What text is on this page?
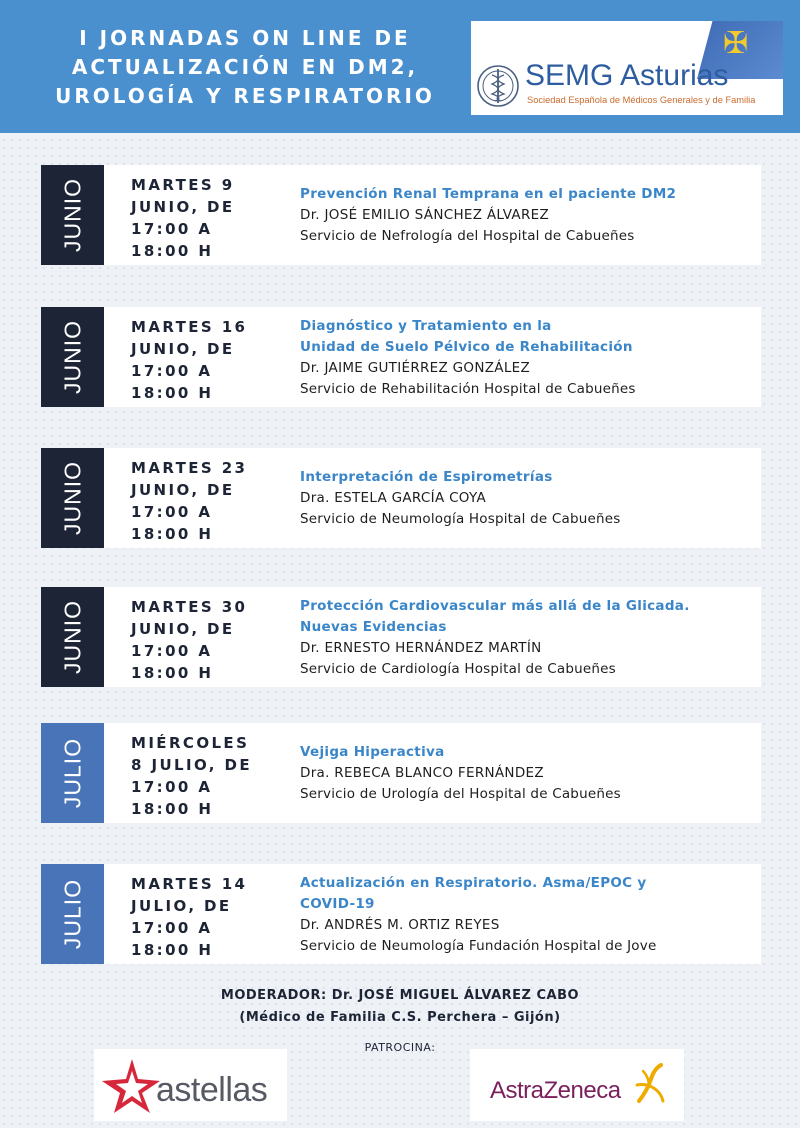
I JORNADAS ON LINE DE
ACTUALIZACIÓN EN DM2,
UROLOGÍA Y RESPIRATORIO
✠
SEMG Asturias
Sociedad Española de Médicos Generales y de Familia
JUNIO	MARTES 9
JUNIO, DE
17:00 A
18:00 H
Prevención Renal Temprana en el paciente DM2
Dr. JOSÉ EMILIO SÁNCHEZ ÁLVAREZ
Servicio de Nefrología del Hospital de Cabueñes
JUNIO	MARTES 16
JUNIO, DE
17:00 A
18:00 H
Diagnóstico y Tratamiento en la
Unidad de Suelo Pélvico de Rehabilitación
Dr. JAIME GUTIÉRREZ GONZÁLEZ
Servicio de Rehabilitación Hospital de Cabueñes
JUNIO	MARTES 23
JUNIO, DE
17:00 A
18:00 H
Interpretación de Espirometrías
Dra. ESTELA GARCÍA COYA
Servicio de Neumología Hospital de Cabueñes
JUNIO	MARTES 30
JUNIO, DE
17:00 A
18:00 H
Protección Cardiovascular más allá de la Glicada.
Nuevas Evidencias
Dr. ERNESTO HERNÁNDEZ MARTÍN
Servicio de Cardiología Hospital de Cabueñes
JULIO	MIÉRCOLES
8 JULIO, DE
17:00 A
18:00 H
Vejiga Hiperactiva
Dra. REBECA BLANCO FERNÁNDEZ
Servicio de Urología del Hospital de Cabueñes
JULIO	MARTES 14
JULIO, DE
17:00 A
18:00 H
Actualización en Respiratorio. Asma/EPOC y
COVID-19
Dr. ANDRÉS M. ORTIZ REYES
Servicio de Neumología Fundación Hospital de Jove
MODERADOR: Dr. JOSÉ MIGUEL ÁLVAREZ CABO
(Médico de Familia C.S. Perchera – Gijón)
PATROCINA:
astellas	AstraZeneca
